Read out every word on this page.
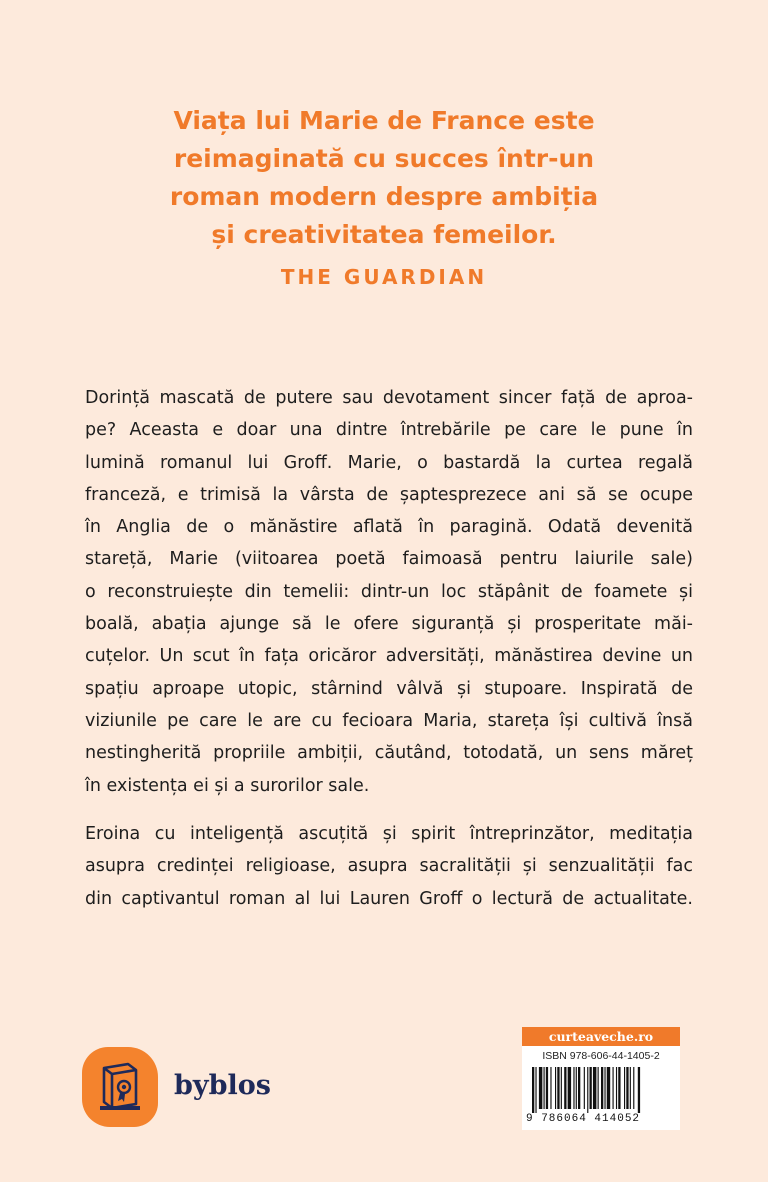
Viața lui Marie de France este
reimaginată cu succes într-un
roman modern despre ambiția
și creativitatea femeilor.
THE GUARDIAN
Dorință mascată de putere sau devotament sincer față de aproa-
pe? Aceasta e doar una dintre întrebările pe care le pune în
lumină romanul lui Groff. Marie, o bastardă la curtea regală
franceză, e trimisă la vârsta de șaptesprezece ani să se ocupe
în Anglia de o mănăstire aflată în paragină. Odată devenită
stareță, Marie (viitoarea poetă faimoasă pentru laiurile sale)
o reconstruiește din temelii: dintr-un loc stăpânit de foamete și
boală, abația ajunge să le ofere siguranță și prosperitate măi-
cuțelor. Un scut în fața oricăror adversități, mănăstirea devine un
spațiu aproape utopic, stârnind vâlvă și stupoare. Inspirată de
viziunile pe care le are cu fecioara Maria, stareța își cultivă însă
nestingherită propriile ambiții, căutând, totodată, un sens măreț
în existența ei și a surorilor sale.
Eroina cu inteligență ascuțită și spirit întreprinzător, meditația
asupra credinței religioase, asupra sacralității și senzualității fac
din captivantul roman al lui Lauren Groff o lectură de actualitate.
byblos
curteaveche.ro
ISBN 978-606-44-1405-2
9 786064 414052
